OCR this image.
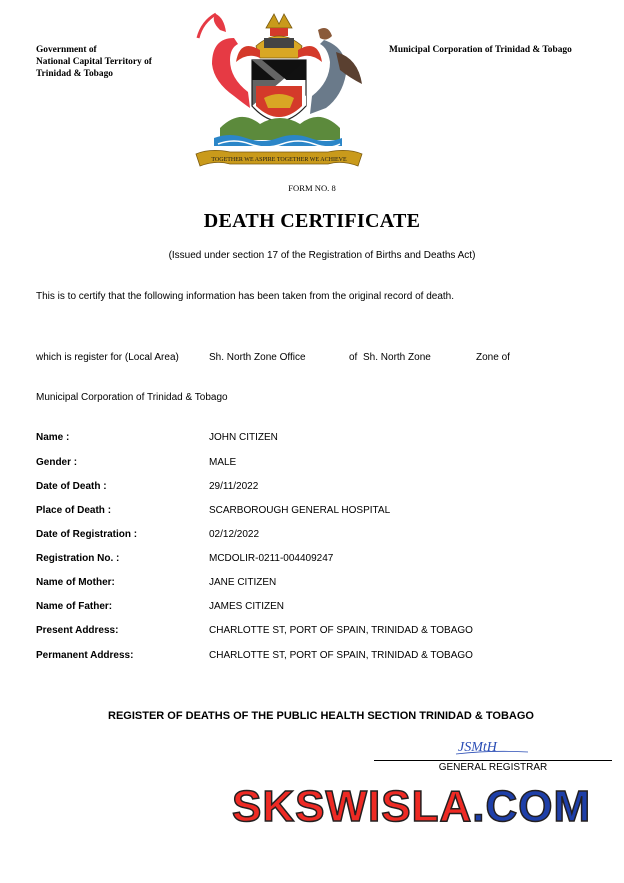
Government of
National Capital Territory of
Trinidad & Tobago
TOGETHER WE ASPIRE TOGETHER WE ACHIEVE
Municipal Corporation of Trinidad & Tobago
FORM NO. 8
DEATH CERTIFICATE
(Issued under section 17 of the Registration of Births and Deaths Act)
This is to certify that the following information has been taken from the original record of death.
which is register for (Local Area)	Sh. North Zone Office	of Sh. North Zone	Zone of
Municipal Corporation of Trinidad & Tobago
Name :	JOHN CITIZEN
Gender :	MALE
Date of Death :	29/11/2022
Place of Death :	SCARBOROUGH GENERAL HOSPITAL
Date of Registration :	02/12/2022
Registration No. :	MCDOLIR-0211-004409247
Name of Mother:	JANE CITIZEN
Name of Father:	JAMES CITIZEN
Present Address:	CHARLOTTE ST, PORT OF SPAIN, TRINIDAD & TOBAGO
Permanent Address:	CHARLOTTE ST, PORT OF SPAIN, TRINIDAD & TOBAGO
REGISTER OF DEATHS OF THE PUBLIC HEALTH SECTION TRINIDAD & TOBAGO
JSMtH
GENERAL REGISTRAR
SKSWISLA.COM
